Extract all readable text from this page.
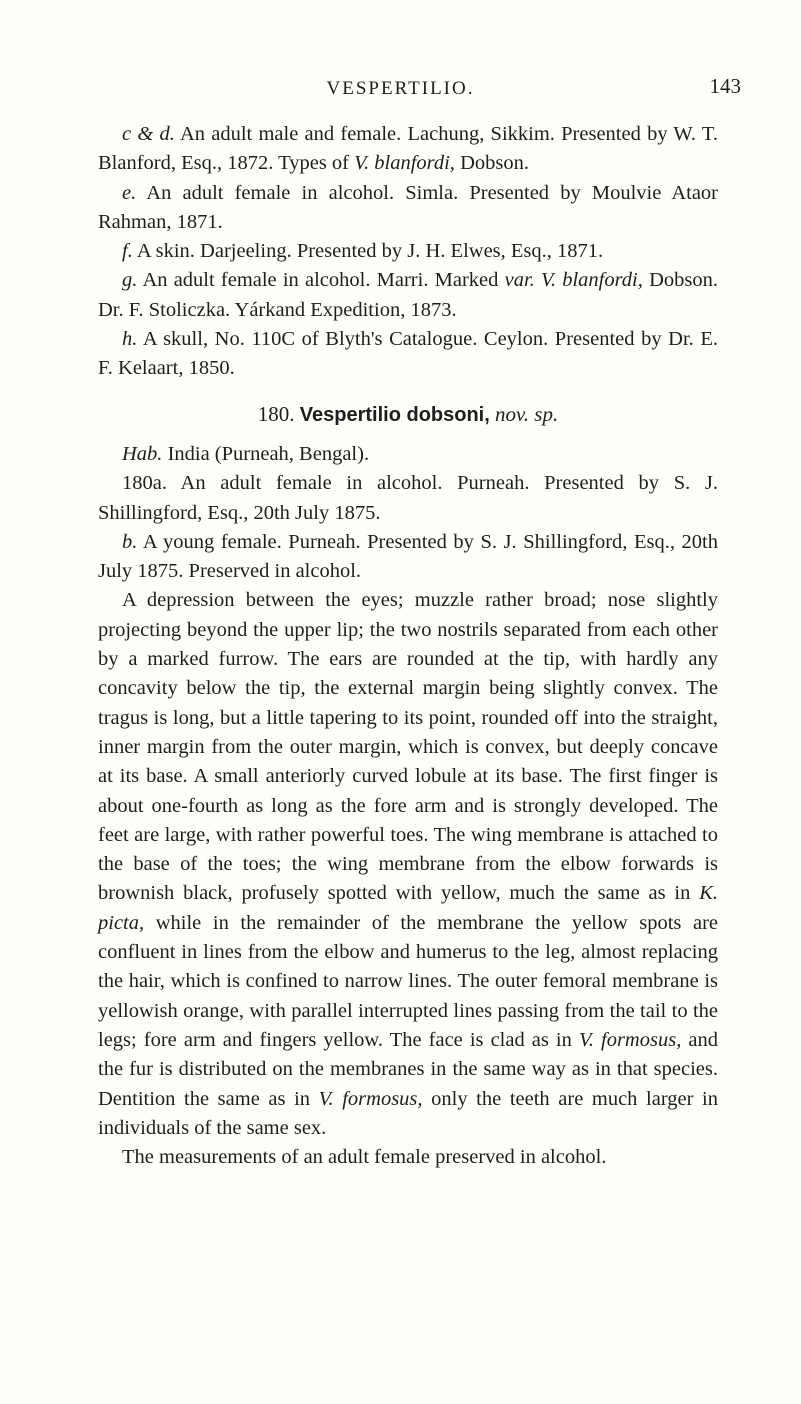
VESPERTILIO.	143

c & d. An adult male and female. Lachung, Sikkim. Presented by W. T. Blanford, Esq., 1872. Types of V. blanfordi, Dobson.

e. An adult female in alcohol. Simla. Presented by Moulvie Ataor Rahman, 1871.

f. A skin. Darjeeling. Presented by J. H. Elwes, Esq., 1871.

g. An adult female in alcohol. Marri. Marked var. V. blanfordi, Dobson. Dr. F. Stoliczka. Yárkand Expedition, 1873.

h. A skull, No. 110C of Blyth's Catalogue. Ceylon. Presented by Dr. E. F. Kelaart, 1850.

180. Vespertilio dobsoni, nov. sp.

Hab. India (Purneah, Bengal).

180a. An adult female in alcohol. Purneah. Presented by S. J. Shillingford, Esq., 20th July 1875.

b. A young female. Purneah. Presented by S. J. Shillingford, Esq., 20th July 1875. Preserved in alcohol.

A depression between the eyes; muzzle rather broad; nose slightly projecting beyond the upper lip; the two nostrils separated from each other by a marked furrow. The ears are rounded at the tip, with hardly any concavity below the tip, the external margin being slightly convex. The tragus is long, but a little tapering to its point, rounded off into the straight, inner margin from the outer margin, which is convex, but deeply concave at its base. A small anteriorly curved lobule at its base. The first finger is about one-fourth as long as the fore arm and is strongly developed. The feet are large, with rather powerful toes. The wing membrane is attached to the base of the toes; the wing membrane from the elbow forwards is brownish black, profusely spotted with yellow, much the same as in K. picta, while in the remainder of the membrane the yellow spots are confluent in lines from the elbow and humerus to the leg, almost replacing the hair, which is confined to narrow lines. The outer femoral membrane is yellowish orange, with parallel interrupted lines passing from the tail to the legs; fore arm and fingers yellow. The face is clad as in V. formosus, and the fur is distributed on the membranes in the same way as in that species. Dentition the same as in V. formosus, only the teeth are much larger in individuals of the same sex.

The measurements of an adult female preserved in alcohol.
